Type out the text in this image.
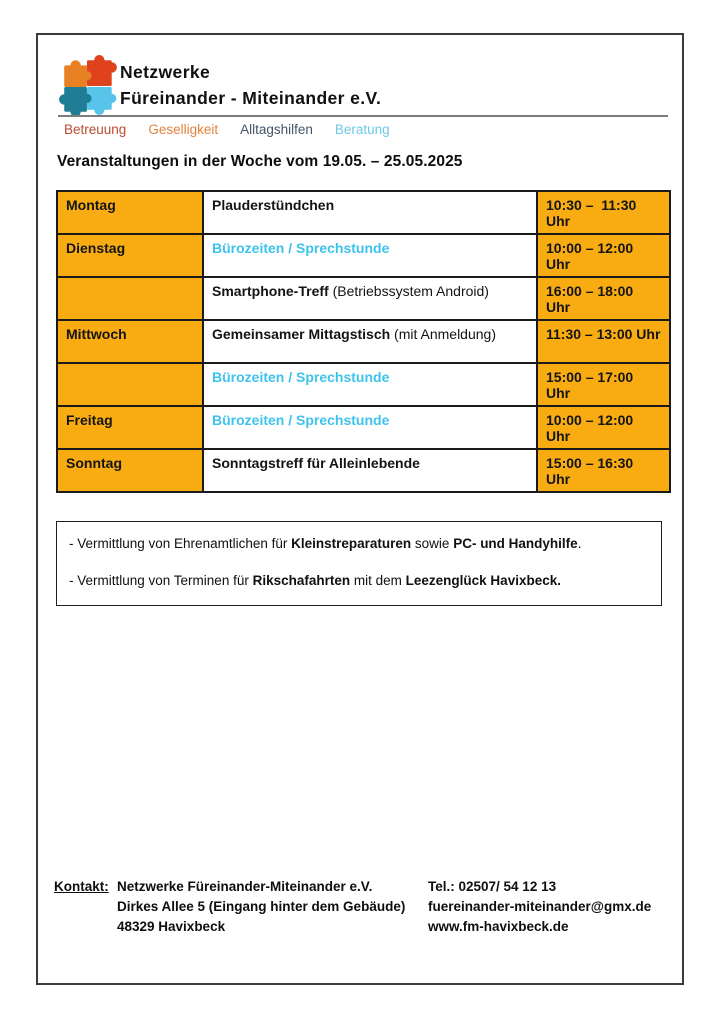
Netzwerke
Füreinander - Miteinander e.V.
Betreuung Geselligkeit Alltagshilfen Beratung
Veranstaltungen in der Woche vom 19.05. – 25.05.2025
Montag	Plauderstündchen	10:30 –  11:30 Uhr
Dienstag	Bürozeiten / Sprechstunde	10:00 – 12:00 Uhr
	Smartphone-Treff (Betriebssystem Android)	16:00 – 18:00 Uhr
Mittwoch	Gemeinsamer Mittagstisch (mit Anmeldung)	11:30 – 13:00 Uhr
	Bürozeiten / Sprechstunde	15:00 – 17:00 Uhr
Freitag	Bürozeiten / Sprechstunde	10:00 – 12:00 Uhr
Sonntag	Sonntagstreff für Alleinlebende	15:00 – 16:30 Uhr
- Vermittlung von Ehrenamtlichen für Kleinstreparaturen sowie PC- und Handyhilfe.
- Vermittlung von Terminen für Rikschafahrten mit dem Leezenglück Havixbeck.
Kontakt: Netzwerke Füreinander-Miteinander e.V.
Dirkes Allee 5 (Eingang hinter dem Gebäude)
48329 Havixbeck
Tel.: 02507/ 54 12 13
fuereinander-miteinander@gmx.de
www.fm-havixbeck.de
